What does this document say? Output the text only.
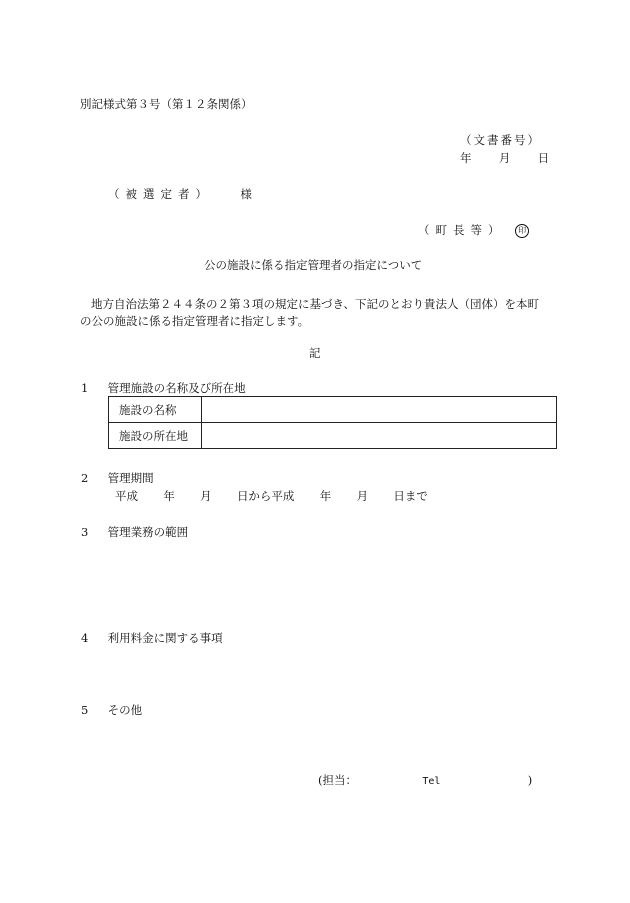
別記様式第３号（第１２条関係）
（文書番号）
年 月 日
（被選定者） 様
（町長等） 印
公の施設に係る指定管理者の指定について
地方自治法第２４４条の２第３項の規定に基づき、下記のとおり貴法人（団体）を本町
の公の施設に係る指定管理者に指定します。
記
1 管理施設の名称及び所在地
施設の名称	
施設の所在地	
2 管理期間
平成 年 月 日から平成 年 月 日まで
3 管理業務の範囲
4 利用料金に関する事項
5 その他
(担当：	Tel	)
